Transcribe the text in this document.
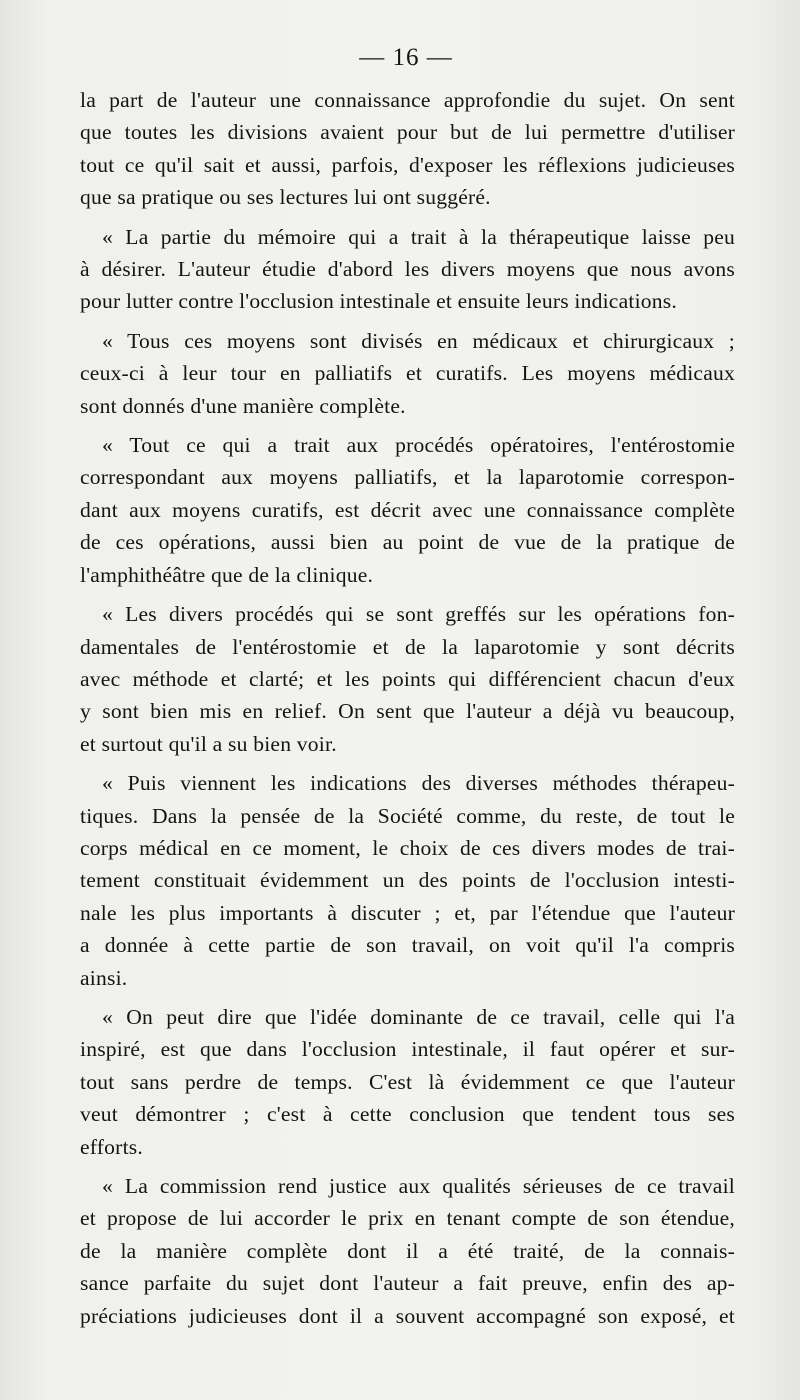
— 16 —
la part de l'auteur une connaissance approfondie du sujet. On sent
que toutes les divisions avaient pour but de lui permettre d'utiliser
tout ce qu'il sait et aussi, parfois, d'exposer les réflexions judicieuses
que sa pratique ou ses lectures lui ont suggéré.
« La partie du mémoire qui a trait à la thérapeutique laisse peu
à désirer. L'auteur étudie d'abord les divers moyens que nous avons
pour lutter contre l'occlusion intestinale et ensuite leurs indications.
« Tous ces moyens sont divisés en médicaux et chirurgicaux ;
ceux-ci à leur tour en palliatifs et curatifs. Les moyens médicaux
sont donnés d'une manière complète.
« Tout ce qui a trait aux procédés opératoires, l'entérostomie
correspondant aux moyens palliatifs, et la laparotomie correspon-
dant aux moyens curatifs, est décrit avec une connaissance complète
de ces opérations, aussi bien au point de vue de la pratique de
l'amphithéâtre que de la clinique.
« Les divers procédés qui se sont greffés sur les opérations fon-
damentales de l'entérostomie et de la laparotomie y sont décrits
avec méthode et clarté; et les points qui différencient chacun d'eux
y sont bien mis en relief. On sent que l'auteur a déjà vu beaucoup,
et surtout qu'il a su bien voir.
« Puis viennent les indications des diverses méthodes thérapeu-
tiques. Dans la pensée de la Société comme, du reste, de tout le
corps médical en ce moment, le choix de ces divers modes de trai-
tement constituait évidemment un des points de l'occlusion intesti-
nale les plus importants à discuter ; et, par l'étendue que l'auteur
a donnée à cette partie de son travail, on voit qu'il l'a compris
ainsi.
« On peut dire que l'idée dominante de ce travail, celle qui l'a
inspiré, est que dans l'occlusion intestinale, il faut opérer et sur-
tout sans perdre de temps. C'est là évidemment ce que l'auteur
veut démontrer ; c'est à cette conclusion que tendent tous ses
efforts.
« La commission rend justice aux qualités sérieuses de ce travail
et propose de lui accorder le prix en tenant compte de son étendue,
de la manière complète dont il a été traité, de la connais-
sance parfaite du sujet dont l'auteur a fait preuve, enfin des ap-
préciations judicieuses dont il a souvent accompagné son exposé, et
